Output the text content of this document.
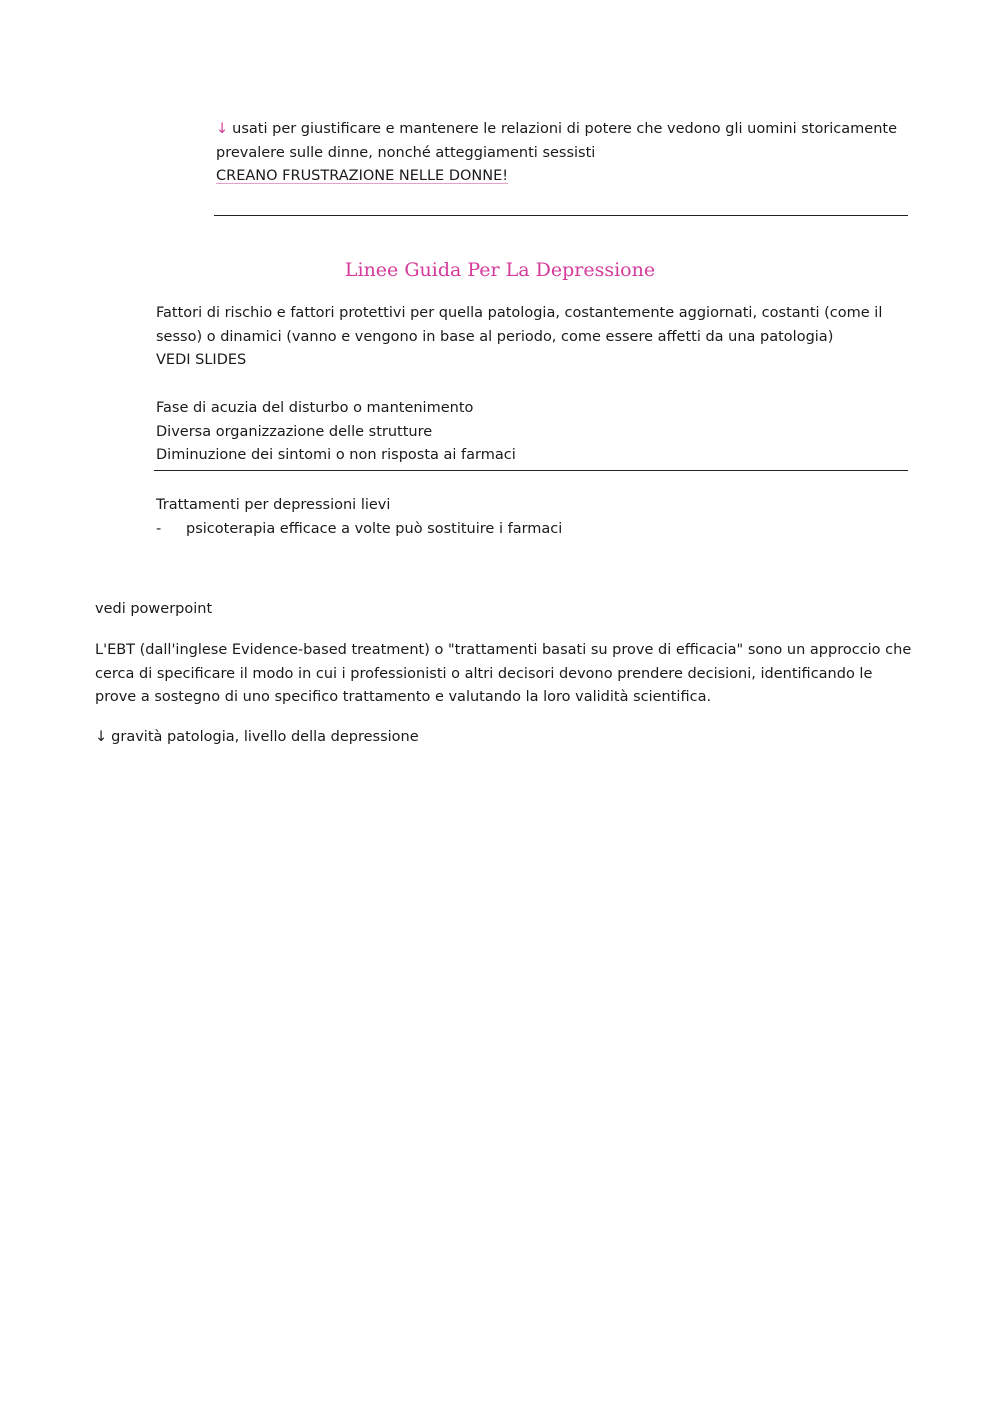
↓ usati per giustificare e mantenere le relazioni di potere che vedono gli uomini storicamente
prevalere sulle dinne, nonché atteggiamenti sessisti
CREANO FRUSTRAZIONE NELLE DONNE!
Linee Guida Per La Depressione
Fattori di rischio e fattori protettivi per quella patologia, costantemente aggiornati, costanti (come il
sesso) o dinamici (vanno e vengono in base al periodo, come essere affetti da una patologia)
VEDI SLIDES
Fase di acuzia del disturbo o mantenimento
Diversa organizzazione delle strutture
Diminuzione dei sintomi o non risposta ai farmaci
Trattamenti per depressioni lievi
- psicoterapia efficace a volte può sostituire i farmaci
vedi powerpoint
L'EBT (dall'inglese Evidence-based treatment) o "trattamenti basati su prove di efficacia" sono un approccio che
cerca di specificare il modo in cui i professionisti o altri decisori devono prendere decisioni, identificando le
prove a sostegno di uno specifico trattamento e valutando la loro validità scientifica.
↓ gravità patologia, livello della depressione
